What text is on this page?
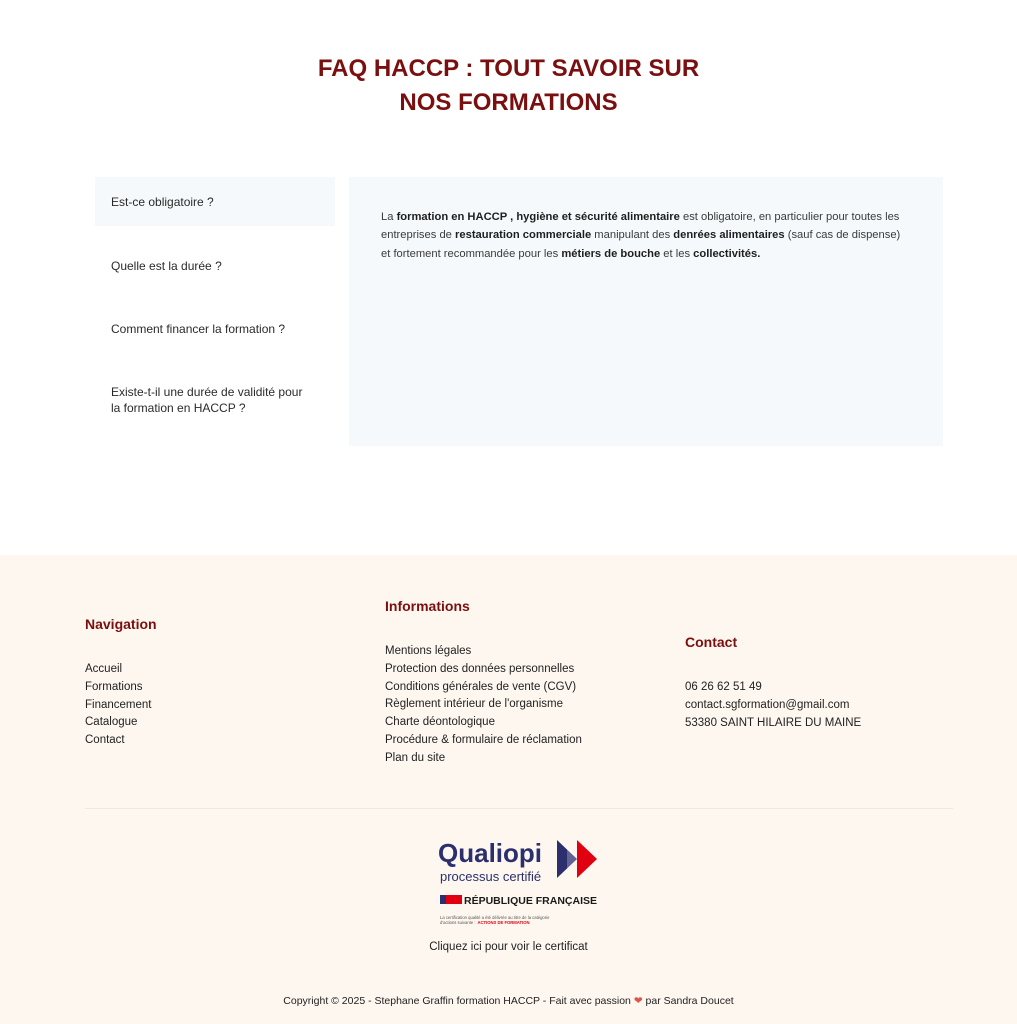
FAQ HACCP : TOUT SAVOIR SUR
NOS FORMATIONS
Est-ce obligatoire ?
Quelle est la durée ?
Comment financer la formation ?
Existe-t-il une durée de validité pour la formation en HACCP ?

La formation en HACCP , hygiène et sécurité alimentaire est obligatoire, en particulier pour toutes les entreprises de restauration commerciale manipulant des denrées alimentaires (sauf cas de dispense) et fortement recommandée pour les métiers de bouche et les collectivités.

Navigation
Accueil
Formations
Financement
Catalogue
Contact
Informations
Mentions légales
Protection des données personnelles
Conditions générales de vente (CGV)
Règlement intérieur de l'organisme
Charte déontologique
Procédure & formulaire de réclamation
Plan du site
Contact
06 26 62 51 49
contact.sgformation@gmail.com
53380 SAINT HILAIRE DU MAINE
Qualiopi
processus certifié
RÉPUBLIQUE FRANÇAISE
La certification qualité a été délivrée au titre de la catégorie
d'actions suivante : ACTIONS DE FORMATION
Cliquez ici pour voir le certificat
Copyright © 2025 - Stephane Graffin formation HACCP - Fait avec passion ❤ par Sandra Doucet
